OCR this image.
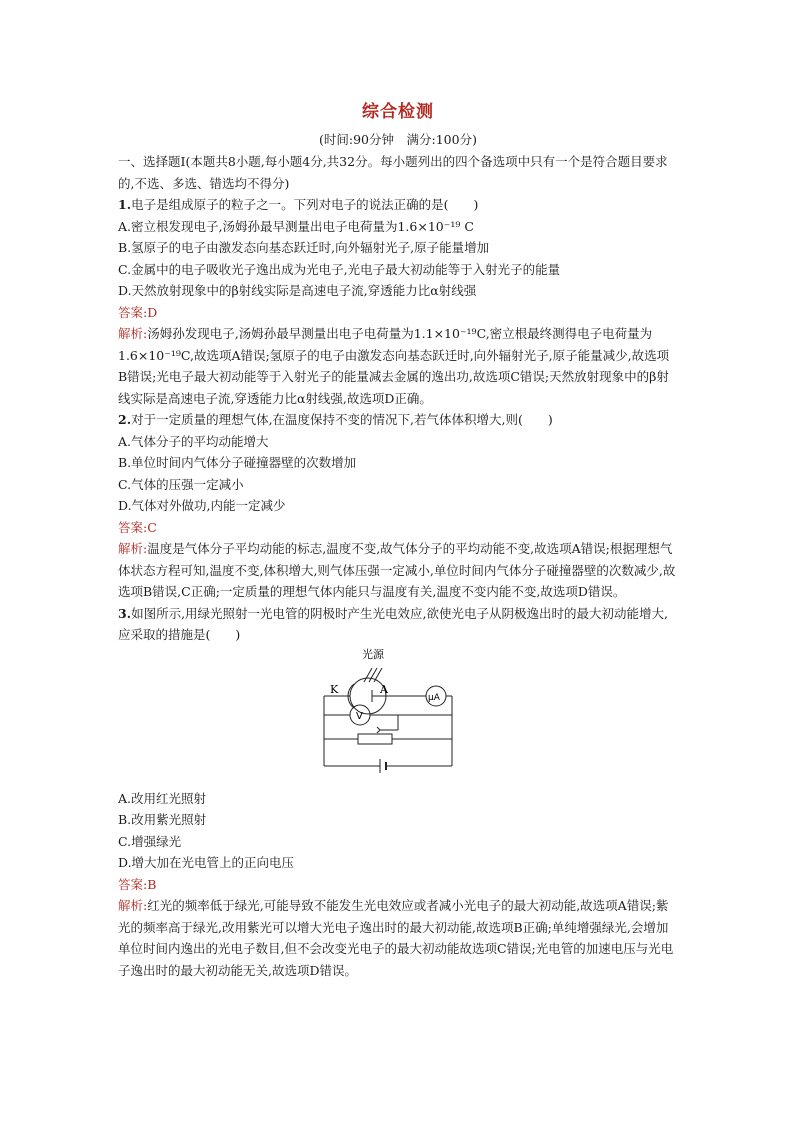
综合检测
(时间:90分钟　满分:100分)

一、选择题Ⅰ(本题共8小题,每小题4分,共32分。每小题列出的四个备选项中只有一个是符合题目要求的,不选、多选、错选均不得分)

1.电子是组成原子的粒子之一。下列对电子的说法正确的是(　　)

A.密立根发现电子,汤姆孙最早测量出电子电荷量为1.6×10⁻¹⁹ C

B.氢原子的电子由激发态向基态跃迁时,向外辐射光子,原子能量增加

C.金属中的电子吸收光子逸出成为光电子,光电子最大初动能等于入射光子的能量

D.天然放射现象中的β射线实际是高速电子流,穿透能力比α射线强

答案:D

解析:汤姆孙发现电子,汤姆孙最早测量出电子电荷量为1.1×10⁻¹⁹C,密立根最终测得电子电荷量为1.6×10⁻¹⁹C,故选项A错误;氢原子的电子由激发态向基态跃迁时,向外辐射光子,原子能量减少,故选项B错误;光电子最大初动能等于入射光子的能量减去金属的逸出功,故选项C错误;天然放射现象中的β射线实际是高速电子流,穿透能力比α射线强,故选项D正确。

2.对于一定质量的理想气体,在温度保持不变的情况下,若气体体积增大,则(　　)

A.气体分子的平均动能增大

B.单位时间内气体分子碰撞器壁的次数增加

C.气体的压强一定减小

D.气体对外做功,内能一定减少

答案:C

解析:温度是气体分子平均动能的标志,温度不变,故气体分子的平均动能不变,故选项A错误;根据理想气体状态方程可知,温度不变,体积增大,则气体压强一定减小,单位时间内气体分子碰撞器壁的次数减少,故选项B错误,C正确;一定质量的理想气体内能只与温度有关,温度不变内能不变,故选项D错误。

3.如图所示,用绿光照射一光电管的阴极时产生光电效应,欲使光电子从阴极逸出时的最大初动能增大,应采取的措施是(　　)

光源
K	A
μA
V

A.改用红光照射

B.改用紫光照射

C.增强绿光

D.增大加在光电管上的正向电压

答案:B

解析:红光的频率低于绿光,可能导致不能发生光电效应或者减小光电子的最大初动能,故选项A错误;紫光的频率高于绿光,改用紫光可以增大光电子逸出时的最大初动能,故选项B正确;单纯增强绿光,会增加单位时间内逸出的光电子数目,但不会改变光电子的最大初动能故选项C错误;光电管的加速电压与光电子逸出时的最大初动能无关,故选项D错误。
